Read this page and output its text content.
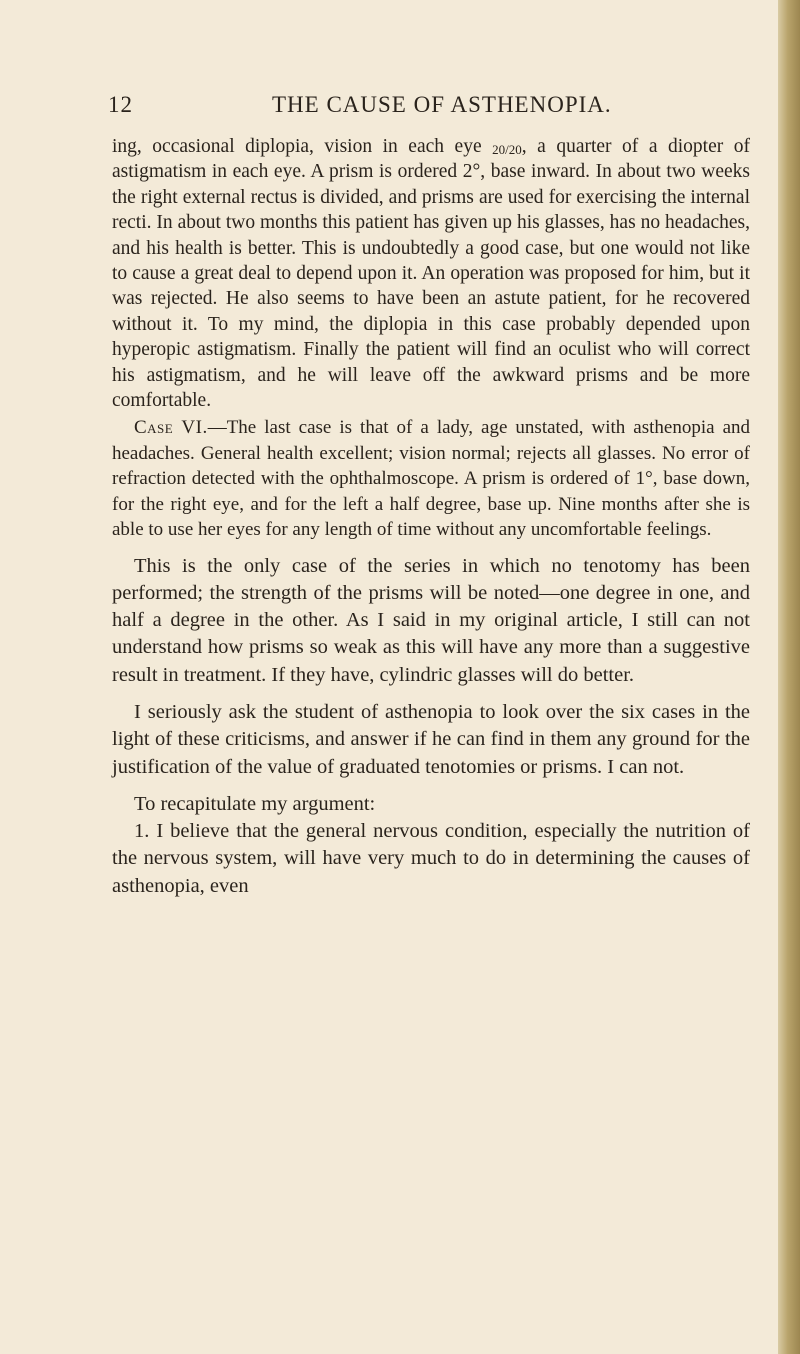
12	THE CAUSE OF ASTHENOPIA.

ing, occasional diplopia, vision in each eye 20/20, a quarter of a diopter of astigmatism in each eye. A prism is ordered 2°, base inward. In about two weeks the right external rectus is divided, and prisms are used for exercising the internal recti. In about two months this patient has given up his glasses, has no headaches, and his health is better. This is undoubtedly a good case, but one would not like to cause a great deal to depend upon it. An operation was proposed for him, but it was rejected. He also seems to have been an astute patient, for he recovered without it. To my mind, the diplopia in this case probably depended upon hyperopic astigmatism. Finally the patient will find an oculist who will correct his astigmatism, and he will leave off the awkward prisms and be more comfortable.

Case VI.—The last case is that of a lady, age unstated, with asthenopia and headaches. General health excellent; vision normal; rejects all glasses. No error of refraction detected with the ophthalmoscope. A prism is ordered of 1°, base down, for the right eye, and for the left a half degree, base up. Nine months after she is able to use her eyes for any length of time without any uncomfortable feelings.

This is the only case of the series in which no tenotomy has been performed; the strength of the prisms will be noted—one degree in one, and half a degree in the other. As I said in my original article, I still can not understand how prisms so weak as this will have any more than a suggestive result in treatment. If they have, cylindric glasses will do better.

I seriously ask the student of asthenopia to look over the six cases in the light of these criticisms, and answer if he can find in them any ground for the justification of the value of graduated tenotomies or prisms. I can not.

To recapitulate my argument:

1. I believe that the general nervous condition, especially the nutrition of the nervous system, will have very much to do in determining the causes of asthenopia, even
